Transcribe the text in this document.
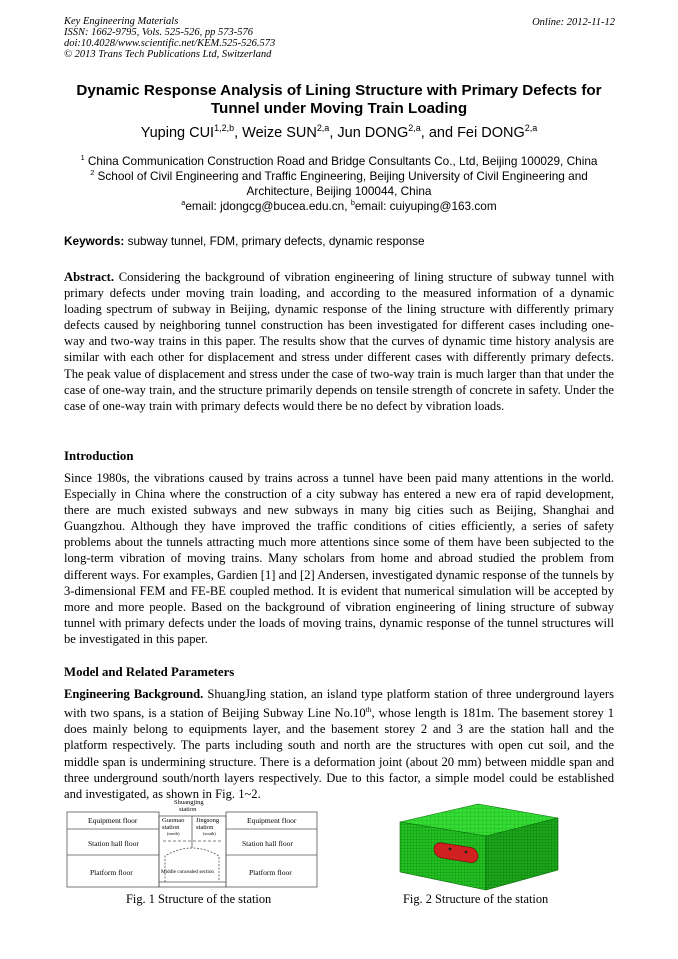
Key Engineering Materials
ISSN: 1662-9795, Vols. 525-526, pp 573-576
doi:10.4028/www.scientific.net/KEM.525-526.573
© 2013 Trans Tech Publications Ltd, Switzerland
Online: 2012-11-12
Dynamic Response Analysis of Lining Structure with Primary Defects for
Tunnel under Moving Train Loading
Yuping CUI$^{1,2,b}$, Weize SUN$^{2,a}$, Jun DONG$^{2,a}$, and Fei DONG$^{2,a}$
$^1$ China Communication Construction Road and Bridge Consultants Co., Ltd, Beijing 100029, China
$^2$ School of Civil Engineering and Traffic Engineering, Beijing University of Civil Engineering and
Architecture, Beijing 100044, China
$^a$email: jdongcg@bucea.edu.cn, $^b$email: cuiyuping@163.com
Keywords: subway tunnel, FDM, primary defects, dynamic response
Abstract. Considering the background of vibration engineering of lining structure of subway tunnel with primary defects under moving train loading, and according to the measured information of a dynamic loading spectrum of subway in Beijing, dynamic response of the lining structure with differently primary defects caused by neighboring tunnel construction has been investigated for different cases including one-way and two-way trains in this paper. The results show that the curves of dynamic time history analysis are similar with each other for displacement and stress under different cases with differently primary defects. The peak value of displacement and stress under the case of two-way train is much larger than that under the case of one-way train, and the structure primarily depends on tensile strength of concrete in safety. Under the case of one-way train with primary defects would there be no defect by vibration loads.
Introduction
Since 1980s, the vibrations caused by trains across a tunnel have been paid many attentions in the world. Especially in China where the construction of a city subway has entered a new era of rapid development, there are much existed subways and new subways in many big cities such as Beijing, Shanghai and Guangzhou. Although they have improved the traffic conditions of cities efficiently, a series of safety problems about the tunnels attracting much more attentions since some of them have been subjected to the long-term vibration of moving trains. Many scholars from home and abroad studied the problem from different ways. For examples, Gardien [1] and [2] Andersen, investigated dynamic response of the tunnels by 3-dimensional FEM and FE-BE coupled method. It is evident that numerical simulation will be accepted by more and more people. Based on the background of vibration engineering of lining structure of subway tunnel with primary defects under the loads of moving trains, dynamic response of the tunnel structures will be investigated in this paper.
Model and Related Parameters
Engineering Background. ShuangJing station, an island type platform station of three underground layers with two spans, is a station of Beijing Subway Line No.10th, whose length is 181m. The basement storey 1 does mainly belong to equipments layer, and the basement storey 2 and 3 are the station hall and the platform respectively. The parts including south and north are the structures with open cut soil, and the middle span is undermining structure. There is a deformation joint (about 20 mm) between middle span and three underground south/north layers respectively. Due to this factor, a simple model could be established and investigated, as shown in Fig. 1~2.
Shuangjing
station
Guomao
station
(north)
Jingsong
station
(south)
Equipment floor	Equipment floor
Station hall floor	Station hall floor
Platform floor	Platform floor
Middle concealed section
Fig. 1 Structure of the station	Fig. 2 Structure of the station
